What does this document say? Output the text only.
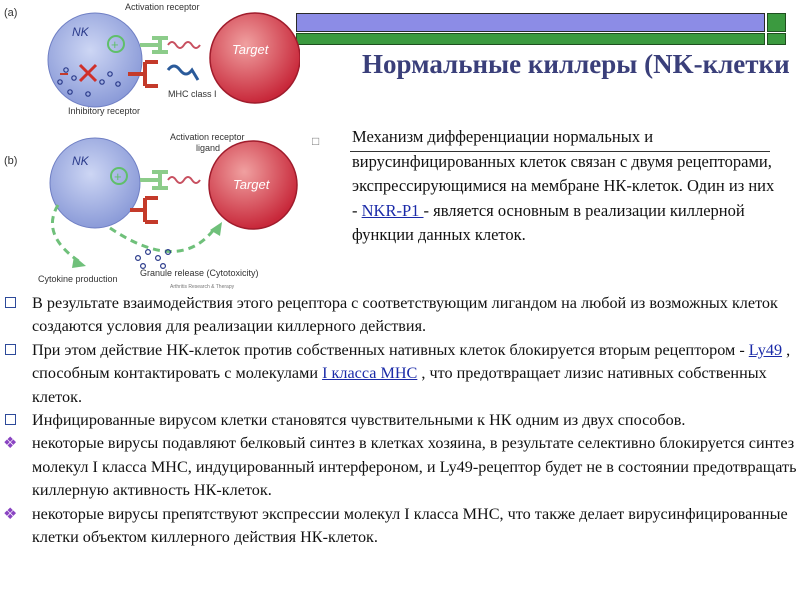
Нормальные киллеры (NK-клетки
(a)
NK
Target
Activation receptor
Inhibitory receptor
MHC class I
+
(b)	NK
Target
Activation receptor ligand
+
Cytokine production
Granule release (Cytotoxicity)
Arthritis Research & Therapy
□ Механизм дифференциации нормальных и вирусинфицированных клеток связан с двумя рецепторами, экспрессирующимися на мембране НК-клеток. Один из них - NKR-P1 - является основным в реализации киллерной функции данных клеток.
В результате взаимодействия этого рецептора с соответствующим лигандом на любой из возможных клеток создаются условия для реализации киллерного действия.
При этом действие НК-клеток против собственных нативных клеток блокируется вторым рецептором - Ly49 , способным контактировать с молекулами I класса MHC , что предотвращает лизис нативных собственных клеток.
Инфицированные вирусом клетки становятся чувствительными к НК одним из двух способов.
❖ некоторые вирусы подавляют белковый синтез в клетках хозяина, в результате селективно блокируется синтез молекул I класса MHC, индуцированный интерфероном, и Ly49-рецептор будет не в состоянии предотвращать киллерную активность НК-клеток.
❖ некоторые вирусы препятствуют экспрессии молекул I класса MHC, что также делает вирусинфицированные клетки объектом киллерного действия НК-клеток.
